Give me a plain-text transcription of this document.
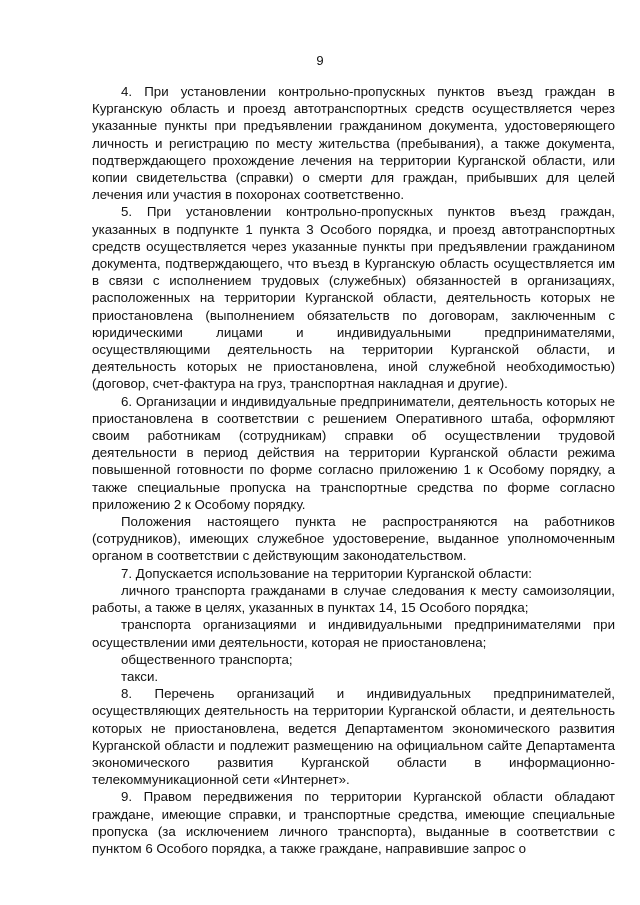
9

4. При установлении контрольно-пропускных пунктов въезд граждан в Курганскую область и проезд автотранспортных средств осуществляется через указанные пункты при предъявлении гражданином документа, удостоверяющего личность и регистрацию по месту жительства (пребывания), а также документа, подтверждающего прохождение лечения на территории Курганской области, или копии свидетельства (справки) о смерти для граждан, прибывших для целей лечения или участия в похоронах соответственно.

5. При установлении контрольно-пропускных пунктов въезд граждан, указанных в подпункте 1 пункта 3 Особого порядка, и проезд автотранспортных средств осуществляется через указанные пункты при предъявлении гражданином документа, подтверждающего, что въезд в Курганскую область осуществляется им в связи с исполнением трудовых (служебных) обязанностей в организациях, расположенных на территории Курганской области, деятельность которых не приостановлена (выполнением обязательств по договорам, заключенным с юридическими лицами и индивидуальными предпринимателями, осуществляющими деятельность на территории Курганской области, и деятельность которых не приостановлена, иной служебной необходимостью) (договор, счет-фактура на груз, транспортная накладная и другие).

6. Организации и индивидуальные предприниматели, деятельность которых не приостановлена в соответствии с решением Оперативного штаба, оформляют своим работникам (сотрудникам) справки об осуществлении трудовой деятельности в период действия на территории Курганской области режима повышенной готовности по форме согласно приложению 1 к Особому порядку, а также специальные пропуска на транспортные средства по форме согласно приложению 2 к Особому порядку.

Положения настоящего пункта не распространяются на работников (сотрудников), имеющих служебное удостоверение, выданное уполномоченным органом в соответствии с действующим законодательством.

7. Допускается использование на территории Курганской области:

личного транспорта гражданами в случае следования к месту самоизоляции, работы, а также в целях, указанных в пунктах 14, 15 Особого порядка;

транспорта организациями и индивидуальными предпринимателями при осуществлении ими деятельности, которая не приостановлена;

общественного транспорта;

такси.

8. Перечень организаций и индивидуальных предпринимателей, осуществляющих деятельность на территории Курганской области, и деятельность которых не приостановлена, ведется Департаментом экономического развития Курганской области и подлежит размещению на официальном сайте Департамента экономического развития Курганской области в информационно-телекоммуникационной сети «Интернет».

9. Правом передвижения по территории Курганской области обладают граждане, имеющие справки, и транспортные средства, имеющие специальные пропуска (за исключением личного транспорта), выданные в соответствии с пунктом 6 Особого порядка, а также граждане, направившие запрос о
